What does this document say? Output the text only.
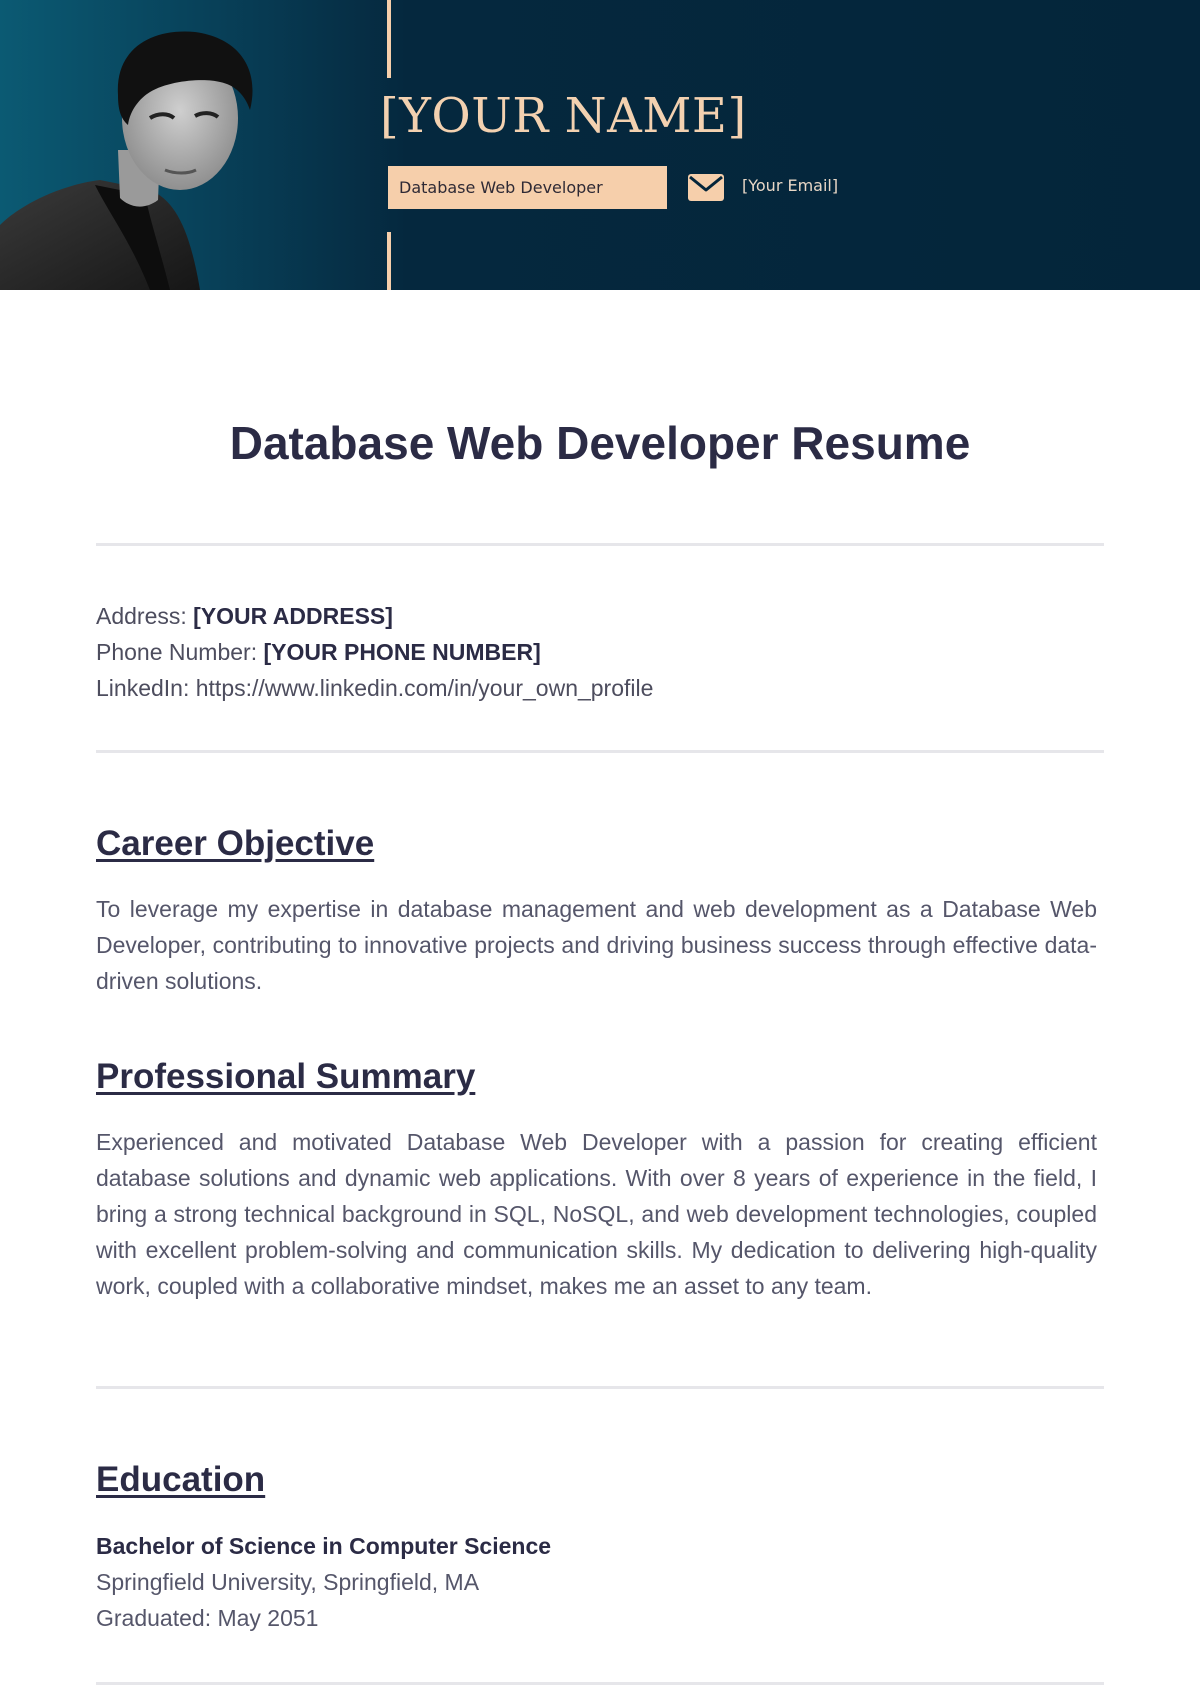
[YOUR NAME]
Database Web Developer	[Your Email]
Database Web Developer Resume
Address: [YOUR ADDRESS]
Phone Number: [YOUR PHONE NUMBER]
LinkedIn: https://www.linkedin.com/in/your_own_profile
Career Objective
To leverage my expertise in database management and web development as a Database Web Developer, contributing to innovative projects and driving business success through effective data-driven solutions.
Professional Summary
Experienced and motivated Database Web Developer with a passion for creating efficient database solutions and dynamic web applications. With over 8 years of experience in the field, I bring a strong technical background in SQL, NoSQL, and web development technologies, coupled with excellent problem-solving and communication skills. My dedication to delivering high-quality work, coupled with a collaborative mindset, makes me an asset to any team.
Education
Bachelor of Science in Computer Science
Springfield University, Springfield, MA
Graduated: May 2051
